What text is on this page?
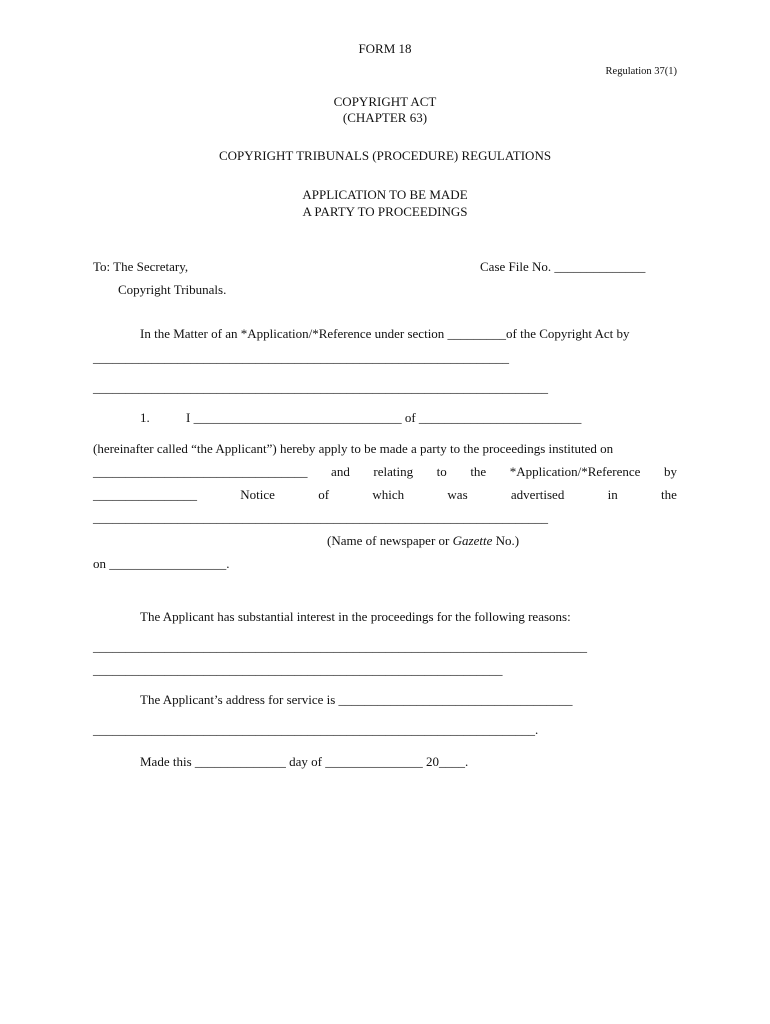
FORM 18
Regulation 37(1)
COPYRIGHT ACT
(CHAPTER 63)
COPYRIGHT TRIBUNALS (PROCEDURE) REGULATIONS
APPLICATION TO BE MADE
A PARTY TO PROCEEDINGS
To: The Secretary,	Case File No. ______________
Copyright Tribunals.
In the Matter of an *Application/*Reference under section _________of the Copyright Act by
________________________________________________________________
______________________________________________________________________
1.	I ________________________________ of _________________________
(hereinafter called “the Applicant”) hereby apply to be made a party to the proceedings instituted on
_________________________________ and relating to the *Application/*Reference by
________________	Notice	of	which	was	advertised	in	the
______________________________________________________________________
(Name of newspaper or Gazette No.)
on __________________.
The Applicant has substantial interest in the proceedings for the following reasons:
____________________________________________________________________________
_______________________________________________________________
The Applicant’s address for service is ____________________________________
____________________________________________________________________.
Made this ______________ day of _______________ 20____.
